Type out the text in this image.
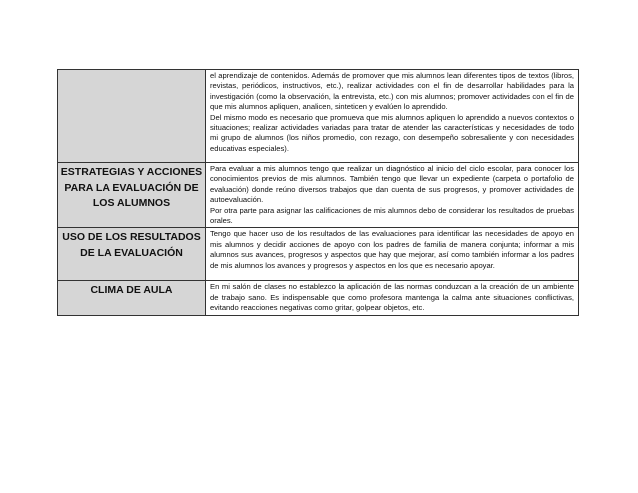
	el aprendizaje de contenidos. Además de promover que mis alumnos lean diferentes tipos de textos (libros, revistas, periódicos, instructivos, etc.), realizar actividades con el fin de desarrollar habilidades para la investigación (como la observación, la entrevista, etc.) con mis alumnos; promover actividades con el fin de que mis alumnos apliquen, analicen, sinteticen y evalúen lo aprendido.

Del mismo modo es necesario que promueva que mis alumnos apliquen lo aprendido a nuevos contextos o situaciones; realizar actividades variadas para tratar de atender las características y necesidades de todo mi grupo de alumnos (los niños promedio, con rezago, con desempeño sobresaliente y con necesidades educativas especiales).

ESTRATEGIAS Y ACCIONES PARA LA EVALUACIÓN DE LOS ALUMNOS	Para evaluar a mis alumnos tengo que realizar un diagnóstico al inicio del ciclo escolar, para conocer los conocimientos previos de mis alumnos. También tengo que llevar un expediente (carpeta o portafolio de evaluación) donde reúno diversos trabajos que dan cuenta de sus progresos, y promover actividades de autoevaluación.

Por otra parte para asignar las calificaciones de mis alumnos debo de considerar los resultados de pruebas orales.

USO DE LOS RESULTADOS DE LA EVALUACIÓN	Tengo que hacer uso de los resultados de las evaluaciones para identificar las necesidades de apoyo en mis alumnos y decidir acciones de apoyo con los padres de familia de manera conjunta; informar a mis alumnos sus avances, progresos y aspectos que hay que mejorar, así como también informar a los padres de mis alumnos los avances y progresos y aspectos en los que es necesario apoyar.

CLIMA DE AULA	En mi salón de clases no establezco la aplicación de las normas conduzcan a la creación de un ambiente de trabajo sano. Es indispensable que como profesora mantenga la calma ante situaciones conflictivas, evitando reacciones negativas como gritar, golpear objetos, etc.
